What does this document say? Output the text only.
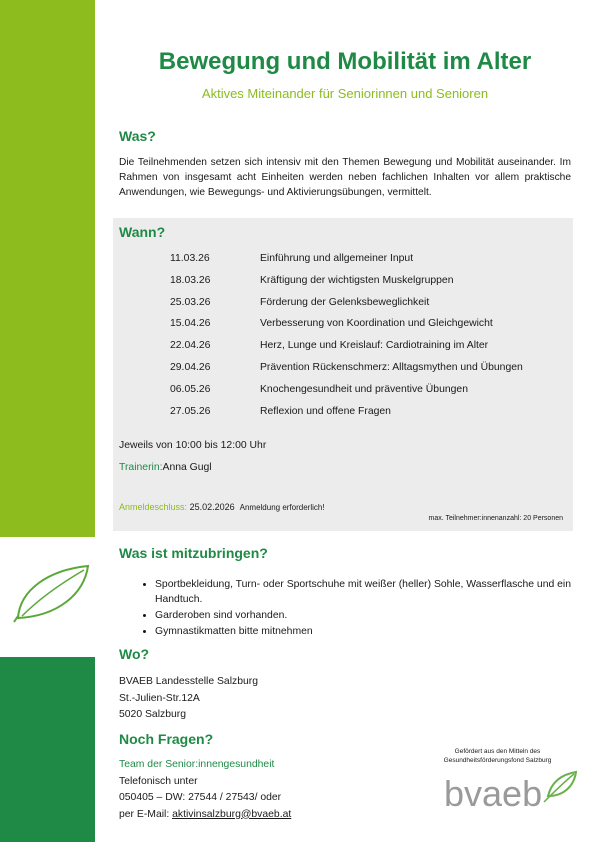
Bewegung und Mobilität im Alter
Aktives Miteinander für Seniorinnen und Senioren
Was?
Die Teilnehmenden setzen sich intensiv mit den Themen Bewegung und Mobilität auseinander. Im Rahmen von insgesamt acht Einheiten werden neben fachlichen Inhalten vor allem praktische Anwendungen, wie Bewegungs- und Aktivierungsübungen, vermittelt.
Wann?
11.03.26	Einführung und allgemeiner Input
18.03.26	Kräftigung der wichtigsten Muskelgruppen
25.03.26	Förderung der Gelenksbeweglichkeit
15.04.26	Verbesserung von Koordination und Gleichgewicht
22.04.26	Herz, Lunge und Kreislauf: Cardiotraining im Alter
29.04.26	Prävention Rückenschmerz: Alltagsmythen und Übungen
06.05.26	Knochengesundheit und präventive Übungen
27.05.26	Reflexion und offene Fragen
Jeweils von 10:00 bis 12:00 Uhr
Trainerin:Anna Gugl
Anmeldeschluss: 25.02.2026 Anmeldung erforderlich!
max. Teilnehmer:innenanzahl: 20 Personen
Was ist mitzubringen?
• Sportbekleidung, Turn- oder Sportschuhe mit weißer (heller) Sohle, Wasserflasche und ein Handtuch.
• Garderoben sind vorhanden.
• Gymnastikmatten bitte mitnehmen
Wo?
BVAEB Landesstelle Salzburg
St.-Julien-Str.12A
5020 Salzburg
Noch Fragen?
Team der Senior:innengesundheit
Telefonisch unter
050405 – DW: 27544 / 27543/ oder
per E-Mail: aktivinsalzburg@bvaeb.at
Gefördert aus den Mitteln des
Gesundheitsförderungsfond Salzburg
bvaeb
